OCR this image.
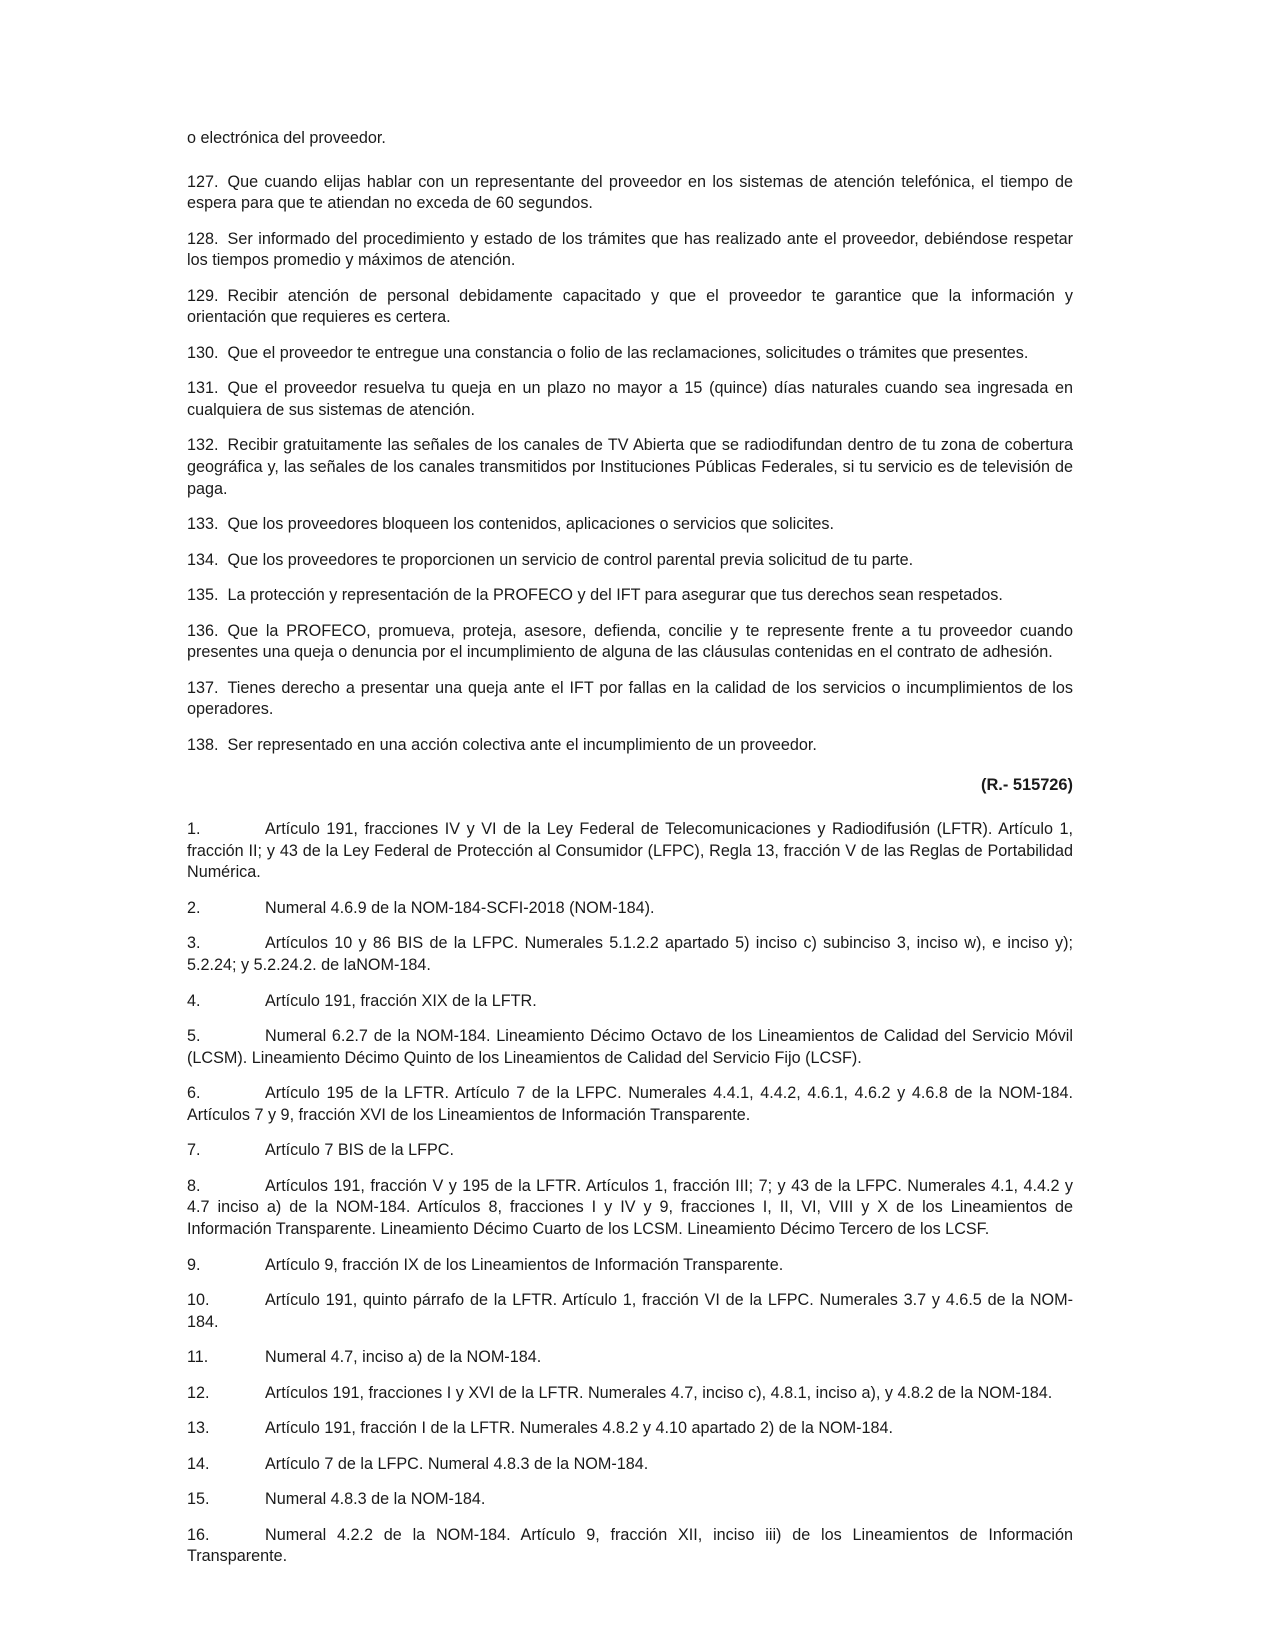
o electrónica del proveedor.

127. Que cuando elijas hablar con un representante del proveedor en los sistemas de atención telefónica, el tiempo de espera para que te atiendan no exceda de 60 segundos.

128. Ser informado del procedimiento y estado de los trámites que has realizado ante el proveedor, debiéndose respetar los tiempos promedio y máximos de atención.

129. Recibir atención de personal debidamente capacitado y que el proveedor te garantice que la información y orientación que requieres es certera.

130. Que el proveedor te entregue una constancia o folio de las reclamaciones, solicitudes o trámites que presentes.

131. Que el proveedor resuelva tu queja en un plazo no mayor a 15 (quince) días naturales cuando sea ingresada en cualquiera de sus sistemas de atención.

132. Recibir gratuitamente las señales de los canales de TV Abierta que se radiodifundan dentro de tu zona de cobertura geográfica y, las señales de los canales transmitidos por Instituciones Públicas Federales, si tu servicio es de televisión de paga.

133. Que los proveedores bloqueen los contenidos, aplicaciones o servicios que solicites.

134. Que los proveedores te proporcionen un servicio de control parental previa solicitud de tu parte.

135. La protección y representación de la PROFECO y del IFT para asegurar que tus derechos sean respetados.

136. Que la PROFECO, promueva, proteja, asesore, defienda, concilie y te represente frente a tu proveedor cuando presentes una queja o denuncia por el incumplimiento de alguna de las cláusulas contenidas en el contrato de adhesión.

137. Tienes derecho a presentar una queja ante el IFT por fallas en la calidad de los servicios o incumplimientos de los operadores.

138. Ser representado en una acción colectiva ante el incumplimiento de un proveedor.

(R.- 515726)

1.	Artículo 191, fracciones IV y VI de la Ley Federal de Telecomunicaciones y Radiodifusión (LFTR). Artículo 1, fracción II; y 43 de la Ley Federal de Protección al Consumidor (LFPC), Regla 13, fracción V de las Reglas de Portabilidad Numérica.

2.	Numeral 4.6.9 de la NOM-184-SCFI-2018 (NOM-184).

3.	Artículos 10 y 86 BIS de la LFPC. Numerales 5.1.2.2 apartado 5) inciso c) subinciso 3, inciso w), e inciso y); 5.2.24; y 5.2.24.2. de laNOM-184.

4.	Artículo 191, fracción XIX de la LFTR.

5.	Numeral 6.2.7 de la NOM-184. Lineamiento Décimo Octavo de los Lineamientos de Calidad del Servicio Móvil (LCSM). Lineamiento Décimo Quinto de los Lineamientos de Calidad del Servicio Fijo (LCSF).

6.	Artículo 195 de la LFTR. Artículo 7 de la LFPC. Numerales 4.4.1, 4.4.2, 4.6.1, 4.6.2 y 4.6.8 de la NOM-184. Artículos 7 y 9, fracción XVI de los Lineamientos de Información Transparente.

7.	Artículo 7 BIS de la LFPC.

8.	Artículos 191, fracción V y 195 de la LFTR. Artículos 1, fracción III; 7; y 43 de la LFPC. Numerales 4.1, 4.4.2 y 4.7 inciso a) de la NOM-184. Artículos 8, fracciones I y IV y 9, fracciones I, II, VI, VIII y X de los Lineamientos de Información Transparente. Lineamiento Décimo Cuarto de los LCSM. Lineamiento Décimo Tercero de los LCSF.

9.	Artículo 9, fracción IX de los Lineamientos de Información Transparente.

10.	Artículo 191, quinto párrafo de la LFTR. Artículo 1, fracción VI de la LFPC. Numerales 3.7 y 4.6.5 de la NOM-184.

11.	Numeral 4.7, inciso a) de la NOM-184.

12.	Artículos 191, fracciones I y XVI de la LFTR. Numerales 4.7, inciso c), 4.8.1, inciso a), y 4.8.2 de la NOM-184.

13.	Artículo 191, fracción I de la LFTR. Numerales 4.8.2 y 4.10 apartado 2) de la NOM-184.

14.	Artículo 7 de la LFPC. Numeral 4.8.3 de la NOM-184.

15.	Numeral 4.8.3 de la NOM-184.

16.	Numeral 4.2.2 de la NOM-184. Artículo 9, fracción XII, inciso iii) de los Lineamientos de Información Transparente.
